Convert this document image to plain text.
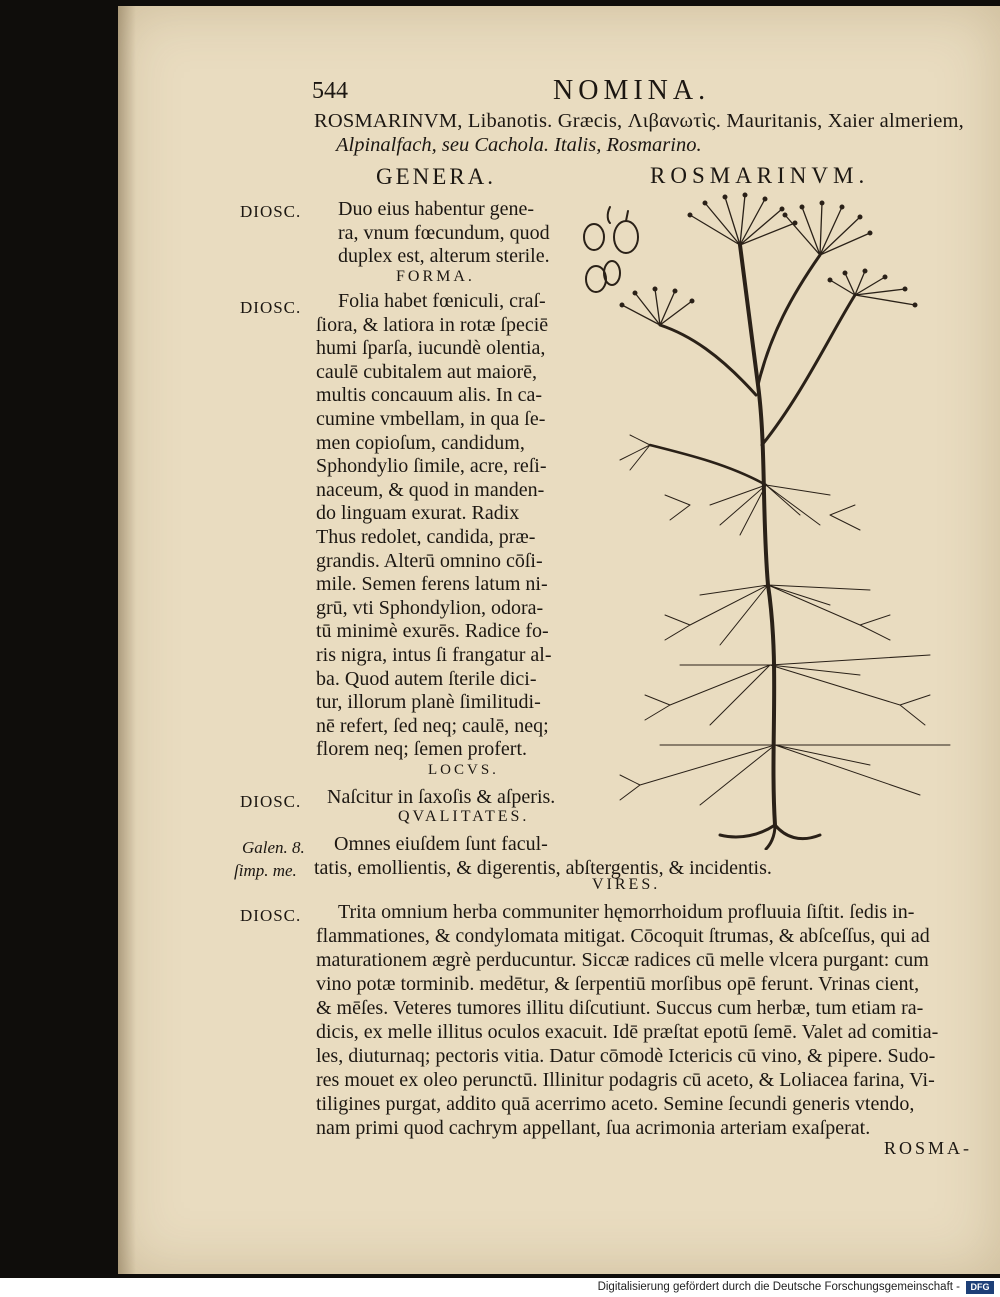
544	NOMINA.
ROSMARINVM, Libanotis. Græcis, Λιβανωτὶς. Mauritanis, Xaier almeriem,
Alpinalfach, seu Cachola. Italis, Rosmarino.
GENERA.
DIOSC. Duo eius habentur gene-
ra, vnum fœcundum, quod
duplex est, alterum sterile.
FORMA.
DIOSC. Folia habet fœniculi, craſ-
ſiora, & latiora in rotæ ſpeciē
humi ſparſa, iucundè olentia,
caulē cubitalem aut maiorē,
multis concauum alis. In ca-
cumine vmbellam, in qua ſe-
men copioſum, candidum,
Sphondylio ſimile, acre, reſi-
naceum, & quod in manden-
do linguam exurat. Radix
Thus redolet, candida, præ-
grandis. Alterū omnino cōſi-
mile. Semen ferens latum ni-
grū, vti Sphondylion, odora-
tū minimè exurēs. Radice fo-
ris nigra, intus ſi frangatur al-
ba. Quod autem ſterile dici-
tur, illorum planè ſimilitudi-
nē refert, ſed neq; caulē, neq;
florem neq; ſemen profert.
LOCVS.
DIOSC. Naſcitur in ſaxoſis & aſperis.
QVALITATES.
Galen. 8.
ſimp. me.
Omnes eiuſdem ſunt facul-
tatis, emollientis, & digerentis, abſtergentis, & incidentis.
VIRES.
DIOSC. Trita omnium herba communiter hęmorrhoidum profluuia ſiſtit. ſedis in-
flammationes, & condylomata mitigat. Cōcoquit ſtrumas, & abſceſſus, qui ad
maturationem ægrè perducuntur. Siccæ radices cū melle vlcera purgant: cum
vino potæ torminib. medētur, & ſerpentiū morſibus opē ferunt. Vrinas cient,
& mēſes. Veteres tumores illitu diſcutiunt. Succus cum herbæ, tum etiam ra-
dicis, ex melle illitus oculos exacuit. Idē præſtat epotū ſemē. Valet ad comitia-
les, diuturnaq; pectoris vitia. Datur cōmodè Ictericis cū vino, & pipere. Sudo-
res mouet ex oleo perunctū. Illinitur podagris cū aceto, & Loliacea farina, Vi-
tiligines purgat, addito quā acerrimo aceto. Semine ſecundi generis vtendo,
nam primi quod cachrym appellant, ſua acrimonia arteriam exaſperat.
ROSMA-
ROSMARINVM.
Digitalisierung gefördert durch die Deutsche Forschungsgemeinschaft -	DFG
